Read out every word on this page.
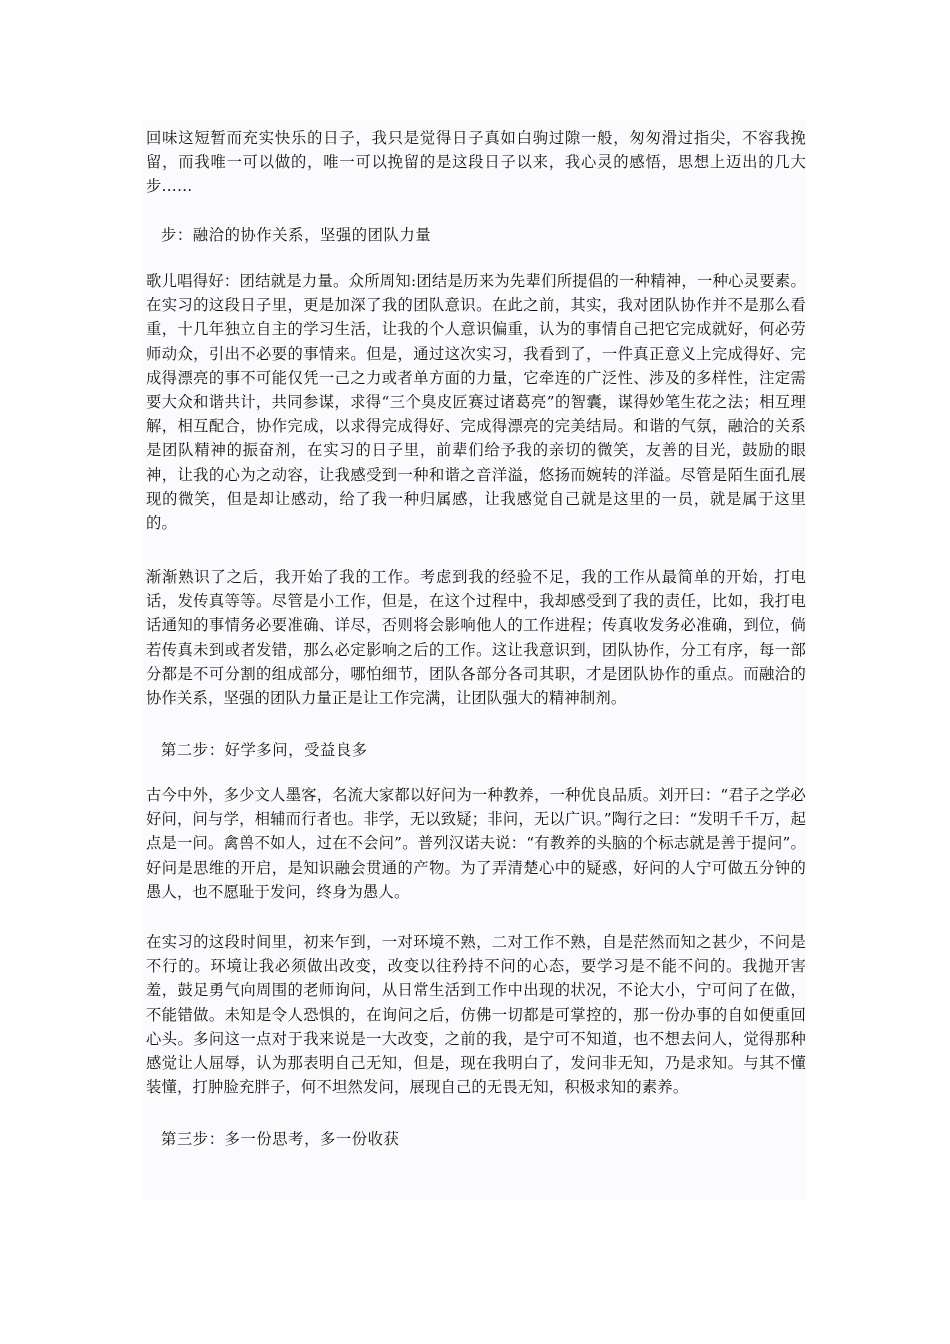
回味这短暂而充实快乐的日子，我只是觉得日子真如白驹过隙一般，匆匆滑过指尖，不容我挽留，而我唯一可以做的，唯一可以挽留的是这段日子以来，我心灵的感悟，思想上迈出的几大步……

步：融洽的协作关系，坚强的团队力量

歌儿唱得好：团结就是力量。众所周知:团结是历来为先辈们所提倡的一种精神，一种心灵要素。在实习的这段日子里，更是加深了我的团队意识。在此之前，其实，我对团队协作并不是那么看重，十几年独立自主的学习生活，让我的个人意识偏重，认为的事情自己把它完成就好，何必劳师动众，引出不必要的事情来。但是，通过这次实习，我看到了，一件真正意义上完成得好、完成得漂亮的事不可能仅凭一己之力或者单方面的力量，它牵连的广泛性、涉及的多样性，注定需要大众和谐共计，共同参谋，求得“三个臭皮匠赛过诸葛亮”的智囊，谋得妙笔生花之法；相互理解，相互配合，协作完成，以求得完成得好、完成得漂亮的完美结局。和谐的气氛，融洽的关系是团队精神的振奋剂，在实习的日子里，前辈们给予我的亲切的微笑，友善的目光，鼓励的眼神，让我的心为之动容，让我感受到一种和谐之音洋溢，悠扬而婉转的洋溢。尽管是陌生面孔展现的微笑，但是却让感动，给了我一种归属感，让我感觉自己就是这里的一员，就是属于这里的。

渐渐熟识了之后，我开始了我的工作。考虑到我的经验不足，我的工作从最简单的开始，打电话，发传真等等。尽管是小工作，但是，在这个过程中，我却感受到了我的责任，比如，我打电话通知的事情务必要准确、详尽，否则将会影响他人的工作进程；传真收发务必准确，到位，倘若传真未到或者发错，那么必定影响之后的工作。这让我意识到，团队协作，分工有序，每一部分都是不可分割的组成部分，哪怕细节，团队各部分各司其职，才是团队协作的重点。而融洽的协作关系，坚强的团队力量正是让工作完满，让团队强大的精神制剂。

第二步：好学多问，受益良多

古今中外，多少文人墨客，名流大家都以好问为一种教养，一种优良品质。刘开曰：“君子之学必好问，问与学，相辅而行者也。非学，无以致疑；非问，无以广识。”陶行之曰：“发明千千万，起点是一问。禽兽不如人，过在不会问”。普列汉诺夫说：“有教养的头脑的个标志就是善于提问”。好问是思维的开启，是知识融会贯通的产物。为了弄清楚心中的疑惑，好问的人宁可做五分钟的愚人，也不愿耻于发问，终身为愚人。

在实习的这段时间里，初来乍到，一对环境不熟，二对工作不熟，自是茫然而知之甚少，不问是不行的。环境让我必须做出改变，改变以往矜持不问的心态，要学习是不能不问的。我抛开害羞，鼓足勇气向周围的老师询问，从日常生活到工作中出现的状况，不论大小，宁可问了在做，不能错做。未知是令人恐惧的，在询问之后，仿佛一切都是可掌控的，那一份办事的自如便重回心头。多问这一点对于我来说是一大改变，之前的我，是宁可不知道，也不想去问人，觉得那种感觉让人屈辱，认为那表明自己无知，但是，现在我明白了，发问非无知，乃是求知。与其不懂装懂，打肿脸充胖子，何不坦然发问，展现自己的无畏无知，积极求知的素养。

第三步：多一份思考，多一份收获
